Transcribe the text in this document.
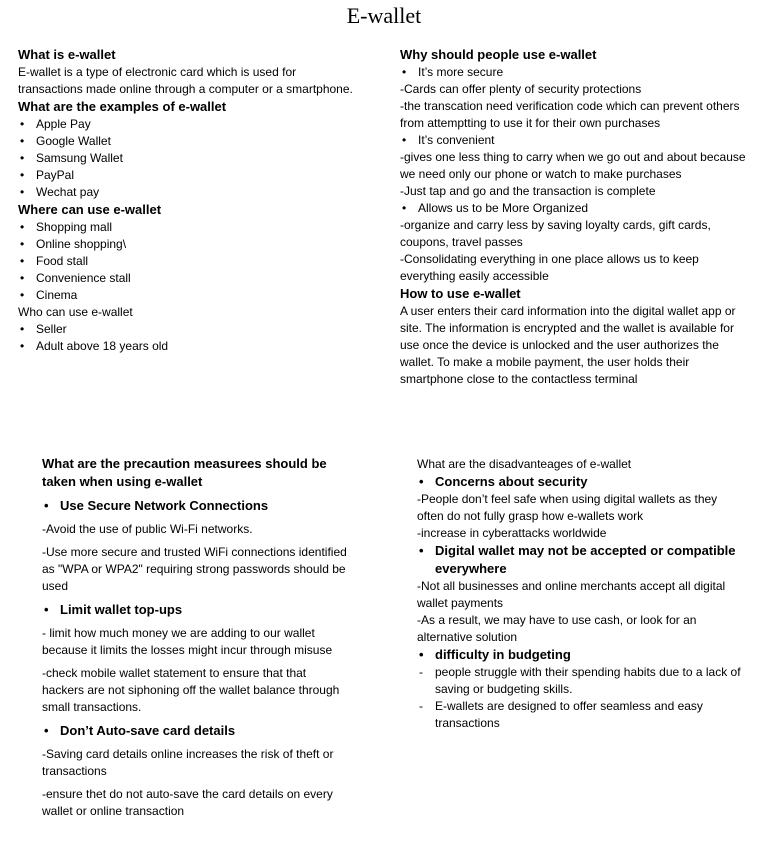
E-wallet
What is e-wallet

E-wallet is a type of electronic card which is used for transactions made online through a computer or a smartphone.

What are the examples of e-wallet
• Apple Pay
• Google Wallet
• Samsung Wallet
• PayPal
• Wechat pay
Where can use e-wallet
• Shopping mall
• Online shopping\
• Food stall
• Convenience stall
• Cinema
Who can use e-wallet
• Seller
• Adult above 18 years old
Why should people use e-wallet
• It’s more secure

-Cards can offer plenty of security protections

-the transcation need verification code which can prevent others from attemptting to use it for their own purchases

• It’s convenient

-gives one less thing to carry when we go out and about because we need only our phone or watch to make purchases

-Just tap and go and the transaction is complete

• Allows us to be More Organized

-organize and carry less by saving loyalty cards, gift cards, coupons, travel passes

-Consolidating everything in one place allows us to keep everything easily accessible

How to use e-wallet

A user enters their card information into the digital wallet app or site. The information is encrypted and the wallet is available for use once the device is unlocked and the user authorizes the wallet. To make a mobile payment, the user holds their smartphone close to the contactless terminal

What are the precaution measurees should be taken when using e-wallet
• Use Secure Network Connections

-Avoid the use of public Wi-Fi networks.

-Use more secure and trusted WiFi connections identified as "WPA or WPA2" requiring strong passwords should be used

• Limit wallet top-ups

- limit how much money we are adding to our wallet because it limits the losses might incur through misuse

-check mobile wallet statement to ensure that that hackers are not siphoning off the wallet balance through small transactions.

• Don’t Auto-save card details

-Saving card details online increases the risk of theft or transactions

-ensure thet do not auto-save the card details on every wallet or online transaction

What are the disadvanteages of e-wallet
• Concerns about security

-People don’t feel safe when using digital wallets as they often do not fully grasp how e-wallets work

-increase in cyberattacks worldwide

• Digital wallet may not be accepted or compatible everywhere

-Not all businesses and online merchants accept all digital wallet payments

-As a result, we may have to use cash, or look for an alternative solution

• difficulty in budgeting
- people struggle with their spending habits due to a lack of saving or budgeting skills.
- E-wallets are designed to offer seamless and easy transactions
